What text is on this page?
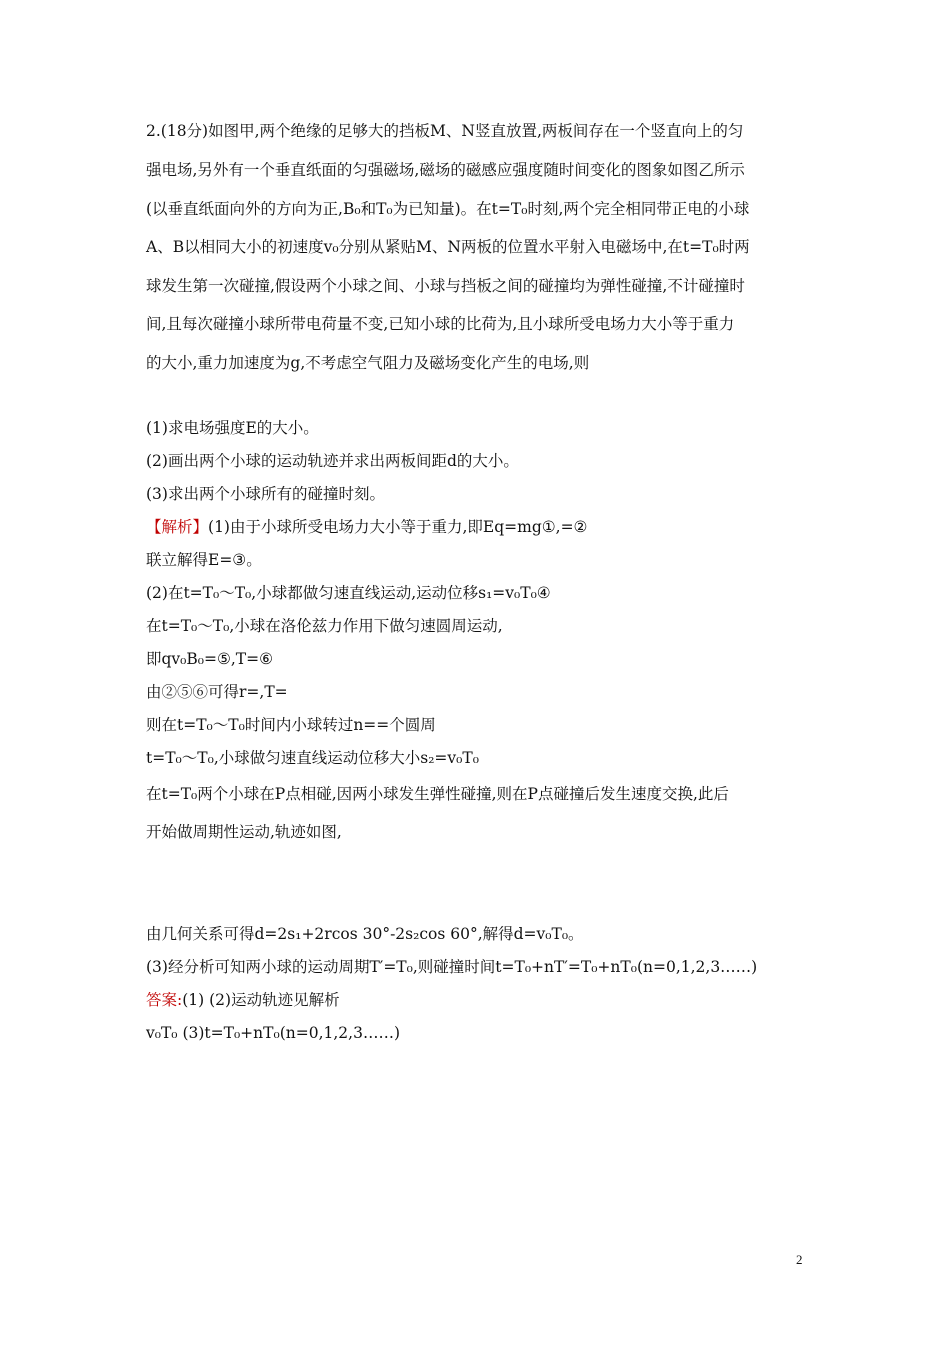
2.(18分)如图甲,两个绝缘的足够大的挡板M、N竖直放置,两板间存在一个竖直向上的匀
强电场,另外有一个垂直纸面的匀强磁场,磁场的磁感应强度随时间变化的图象如图乙所示
(以垂直纸面向外的方向为正,B₀和T₀为已知量)。在t=T₀时刻,两个完全相同带正电的小球
A、B以相同大小的初速度v₀分别从紧贴M、N两板的位置水平射入电磁场中,在t=T₀时两
球发生第一次碰撞,假设两个小球之间、小球与挡板之间的碰撞均为弹性碰撞,不计碰撞时
间,且每次碰撞小球所带电荷量不变,已知小球的比荷为,且小球所受电场力大小等于重力
的大小,重力加速度为g,不考虑空气阻力及磁场变化产生的电场,则
(1)求电场强度E的大小。
(2)画出两个小球的运动轨迹并求出两板间距d的大小。
(3)求出两个小球所有的碰撞时刻。
【解析】(1)由于小球所受电场力大小等于重力,即Eq=mg①,=②
联立解得E=③。
(2)在t=T₀～T₀,小球都做匀速直线运动,运动位移s₁=v₀T₀④
在t=T₀～T₀,小球在洛伦兹力作用下做匀速圆周运动,
即qv₀B₀=⑤,T=⑥
由②⑤⑥可得r=,T=
则在t=T₀～T₀时间内小球转过n==个圆周
t=T₀～T₀,小球做匀速直线运动位移大小s₂=v₀T₀
在t=T₀两个小球在P点相碰,因两小球发生弹性碰撞,则在P点碰撞后发生速度交换,此后
开始做周期性运动,轨迹如图,
由几何关系可得d=2s₁+2rcos 30°-2s₂cos 60°,解得d=v₀T₀。
(3)经分析可知两小球的运动周期T′=T₀,则碰撞时间t=T₀+nT′=T₀+nT₀(n=0,1,2,3……)
答案:(1) (2)运动轨迹见解析
v₀T₀ (3)t=T₀+nT₀(n=0,1,2,3……)
2
